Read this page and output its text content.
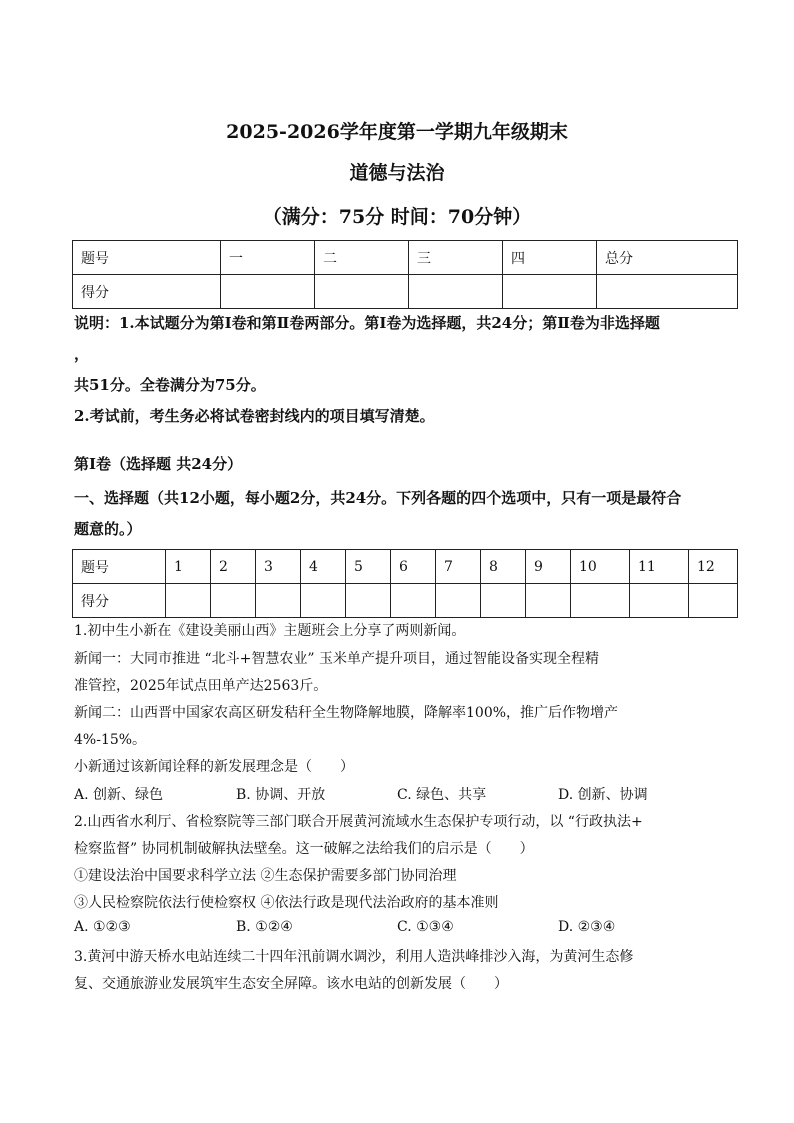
2025-2026学年度第一学期九年级期末
道德与法治
（满分：75分 时间：70分钟）
题号	一	二	三	四	总分
得分					
说明：1.本试题分为第Ⅰ卷和第Ⅱ卷两部分。第Ⅰ卷为选择题，共24分；第Ⅱ卷为非选择题
，
共51分。全卷满分为75分。
2.考试前，考生务必将试卷密封线内的项目填写清楚。
第Ⅰ卷（选择题 共24分）
一、选择题（共12小题，每小题2分，共24分。下列各题的四个选项中，只有一项是最符合
题意的。）
题号	1	2	3	4	5	6	7	8	9	10	11	12
得分												
1.初中生小新在《建设美丽山西》主题班会上分享了两则新闻。
新闻一：大同市推进 “北斗+智慧农业” 玉米单产提升项目，通过智能设备实现全程精
准管控，2025年试点田单产达2563斤。
新闻二：山西晋中国家农高区研发秸秆全生物降解地膜，降解率100%，推广后作物增产
4%-15%。
小新通过该新闻诠释的新发展理念是（　　）
A. 创新、绿色	B. 协调、开放	C. 绿色、共享	D. 创新、协调
2.山西省水利厅、省检察院等三部门联合开展黄河流域水生态保护专项行动，以 “行政执法+
检察监督” 协同机制破解执法壁垒。这一破解之法给我们的启示是（　　）
①建设法治中国要求科学立法 ②生态保护需要多部门协同治理
③人民检察院依法行使检察权 ④依法行政是现代法治政府的基本准则
A. ①②③	B. ①②④	C. ①③④	D. ②③④
3.黄河中游天桥水电站连续二十四年汛前调水调沙，利用人造洪峰排沙入海，为黄河生态修
复、交通旅游业发展筑牢生态安全屏障。该水电站的创新发展（　　）
